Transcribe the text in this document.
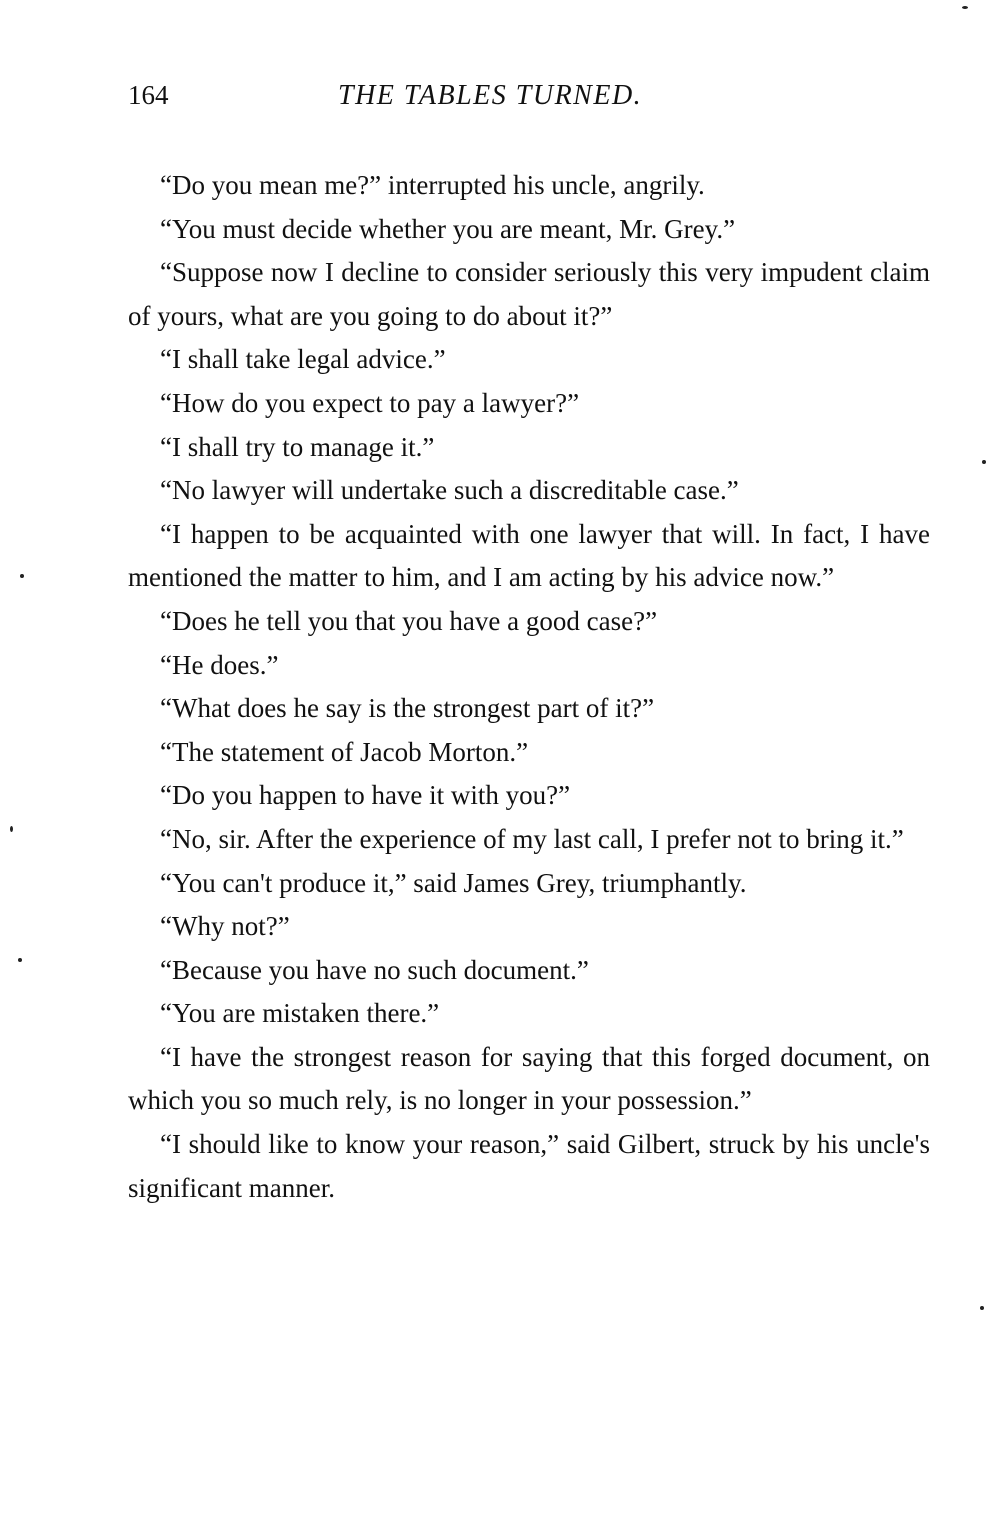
164	THE TABLES TURNED.

“Do you mean me?” interrupted his uncle, angrily.

“You must decide whether you are meant, Mr. Grey.”

“Suppose now I decline to consider seriously this very impudent claim of yours, what are you going to do about it?”

“I shall take legal advice.”

“How do you expect to pay a lawyer?”

“I shall try to manage it.”

“No lawyer will undertake such a discreditable case.”

“I happen to be acquainted with one lawyer that will. In fact, I have mentioned the matter to him, and I am acting by his advice now.”

“Does he tell you that you have a good case?”

“He does.”

“What does he say is the strongest part of it?”

“The statement of Jacob Morton.”

“Do you happen to have it with you?”

“No, sir. After the experience of my last call, I prefer not to bring it.”

“You can't produce it,” said James Grey, triumphantly.

“Why not?”

“Because you have no such document.”

“You are mistaken there.”

“I have the strongest reason for saying that this forged document, on which you so much rely, is no longer in your possession.”

“I should like to know your reason,” said Gilbert, struck by his uncle's significant manner.
